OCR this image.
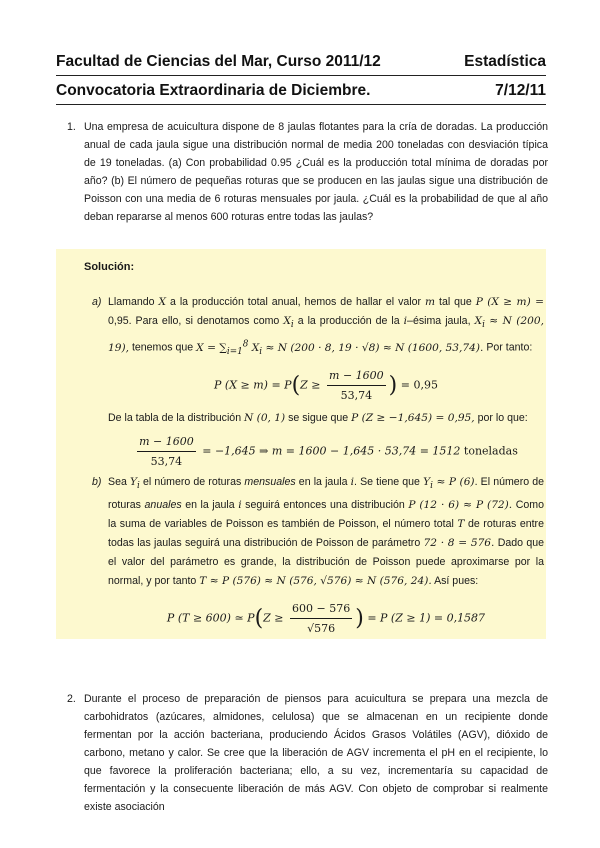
Facultad de Ciencias del Mar, Curso 2011/12	Estadística
Convocatoria Extraordinaria de Diciembre.	7/12/11
1. Una empresa de acuicultura dispone de 8 jaulas flotantes para la cría de doradas. La producción anual de cada jaula sigue una distribución normal de media 200 toneladas con desviación típica de 19 toneladas. (a) Con probabilidad 0.95 ¿Cuál es la producción total mínima de doradas por año? (b) El número de pequeñas roturas que se producen en las jaulas sigue una distribución de Poisson con una media de 6 roturas mensuales por jaula. ¿Cuál es la probabilidad de que al año deban repararse al menos 600 roturas entre todas las jaulas?
Solución:
a) Llamando X a la producción total anual, hemos de hallar el valor m tal que P (X ≥ m) = 0,95. Para ello, si denotamos como $X_i$ a la producción de la i–ésima jaula, $X_i \approx N$ (200, 19), tenemos que $X = \sum_{i=1}^8$ $X_i \approx N$ (200 · 8, 19 · √8) ≈ N (1600, 53,74). Por tanto:
P $(X \ge m) = P(Z \ge \frac{m - 1600}{53,74}$ ) = 0,95
De la tabla de la distribución N (0, 1) se sigue que P (Z ≥ −1,645) = 0,95, por lo que:
$\frac{m - 1600}{53,74} = -1,645$ ⇒ m = 1600 − 1,645 · 53,74 = 1512 toneladas
b) Sea $Y_i$ el número de roturas mensuales en la jaula i. Se tiene que $Y_i \approx P$ (6). El número de roturas anuales en la jaula i seguirá entonces una distribución P (12 · 6) ≈ P (72). Como la suma de variables de Poisson es también de Poisson, el número total T de roturas entre todas las jaulas seguirá una distribución de Poisson de parámetro 72 · 8 = 576. Dado que el valor del parámetro es grande, la distribución de Poisson puede aproximarse por la normal, y por tanto T ≈ P (576) ≈ N (576, √576) ≈ N (576, 24). Así pues:
P (T ≥ 600) ≃ $P(Z \ge \frac{600 - 576}{√576}$ ) = P (Z ≥ 1) = 0,1587
2. Durante el proceso de preparación de piensos para acuicultura se prepara una mezcla de carbohidratos (azúcares, almidones, celulosa) que se almacenan en un recipiente donde fermentan por la acción bacteriana, produciendo Ácidos Grasos Volátiles (AGV), dióxido de carbono, metano y calor. Se cree que la liberación de AGV incrementa el pH en el recipiente, lo que favorece la proliferación bacteriana; ello, a su vez, incrementaría su capacidad de fermentación y la consecuente liberación de más AGV. Con objeto de comprobar si realmente existe asociación
